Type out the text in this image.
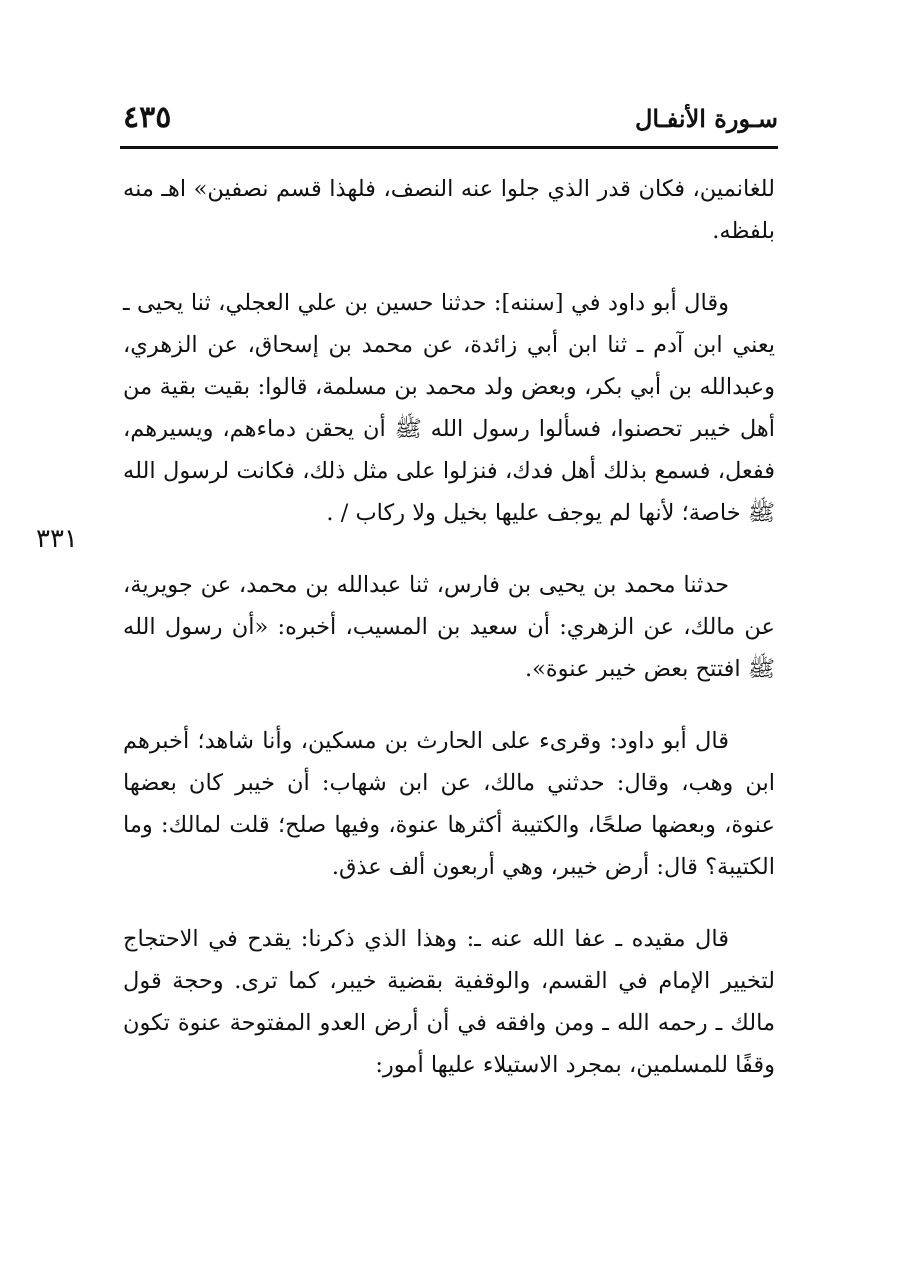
سـورة الأنفـال
٤٣٥

للغانمين، فكان قدر الذي جلوا عنه النصف، فلهذا قسم نصفين» اهـ منه بلفظه.

وقال أبو داود في [سننه]: حدثنا حسين بن علي العجلي، ثنا يحيى ـ يعني ابن آدم ـ ثنا ابن أبي زائدة، عن محمد بن إسحاق، عن الزهري، وعبدالله بن أبي بكر، وبعض ولد محمد بن مسلمة، قالوا: بقيت بقية من أهل خيبر تحصنوا، فسألوا رسول الله ﷺ أن يحقن دماءهم، ويسيرهم، ففعل، فسمع بذلك أهل فدك، فنزلوا على مثل ذلك، فكانت لرسول الله ﷺ خاصة؛ لأنها لم يوجف عليها بخيل ولا ركاب / .

حدثنا محمد بن يحيى بن فارس، ثنا عبدالله بن محمد، عن جويرية، عن مالك، عن الزهري: أن سعيد بن المسيب، أخبره: «أن رسول الله ﷺ افتتح بعض خيبر عنوة».

قال أبو داود: وقرىء على الحارث بن مسكين، وأنا شاهد؛ أخبرهم ابن وهب، وقال: حدثني مالك، عن ابن شهاب: أن خيبر كان بعضها عنوة، وبعضها صلحًا، والكتيبة أكثرها عنوة، وفيها صلح؛ قلت لمالك: وما الكتيبة؟ قال: أرض خيبر، وهي أربعون ألف عذق.

قال مقيده ـ عفا الله عنه ـ: وهذا الذي ذكرنا: يقدح في الاحتجاج لتخيير الإمام في القسم، والوقفية بقضية خيبر، كما ترى. وحجة قول مالك ـ رحمه الله ـ ومن وافقه في أن أرض العدو المفتوحة عنوة تكون وقفًا للمسلمين، بمجرد الاستيلاء عليها أمور:

٣٣١
